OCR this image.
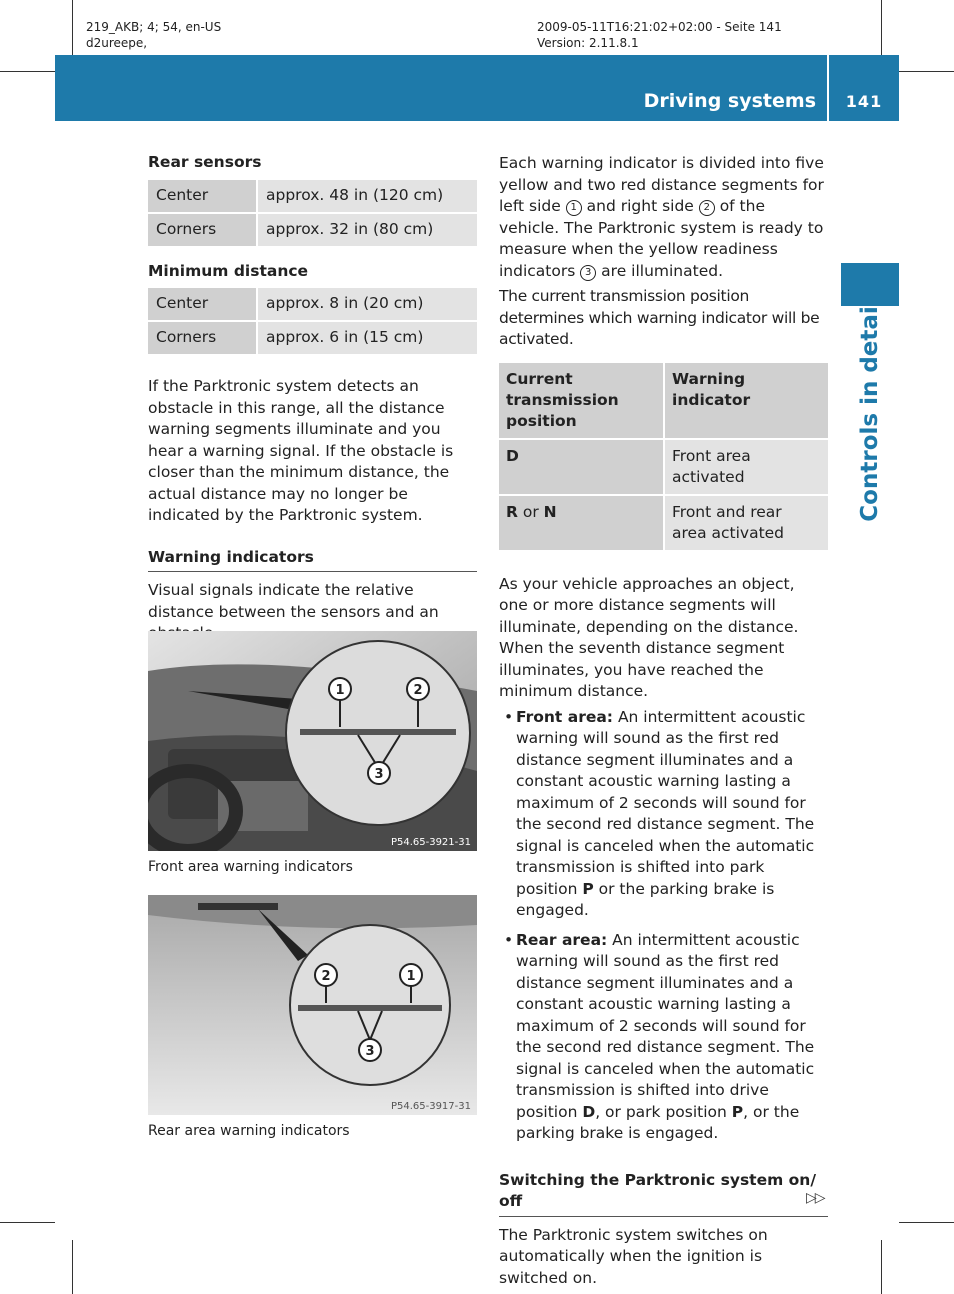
219_AKB; 4; 54, en-US
d2ureepe,
2009-05-11T16:21:02+02:00 - Seite 141
Version: 2.11.8.1
Driving systems	141
Controls in detail
Rear sensors
Center	approx. 48 in (120 cm)
Corners	approx. 32 in (80 cm)
Minimum distance
Center	approx. 8 in (20 cm)
Corners	approx. 6 in (15 cm)

If the Parktronic system detects an obstacle in this range, all the distance warning segments illuminate and you hear a warning signal. If the obstacle is closer than the minimum distance, the actual distance may no longer be indicated by the Parktronic system.

Warning indicators

Visual signals indicate the relative distance between the sensors and an

1	2
3
P54.65-3921-31
Front area warning indicators
2	1
3
P54.65-3917-31
Rear area warning indicators

Each warning indicator is divided into five yellow and two red distance segments for left side 1 and right side 2 of the vehicle. The Parktronic system is ready to measure when the yellow readiness indicators 3 are illuminated.

The current transmission position determines which warning indicator will be activated.

Current transmission position	Warning indicator
D	Front area activated
R or N	Front and rear area activated

As your vehicle approaches an object, one or more distance segments will illuminate, depending on the distance. When the seventh distance segment illuminates, you have reached the minimum distance.

• Front area: An intermittent acoustic warning will sound as the first red distance segment illuminates and a constant acoustic warning lasting a maximum of 2 seconds will sound for the second red distance segment. The signal is canceled when the automatic transmission is shifted into park position P or the parking brake is engaged.
• Rear area: An intermittent acoustic warning will sound as the first red distance segment illuminates and a constant acoustic warning lasting a maximum of 2 seconds will sound for the second red distance segment. The signal is canceled when the automatic transmission is shifted into drive position D, or park position P, or the parking brake is engaged.
Switching the Parktronic system on/ off

The Parktronic system switches on automatically when the ignition is switched on.

▷▷
